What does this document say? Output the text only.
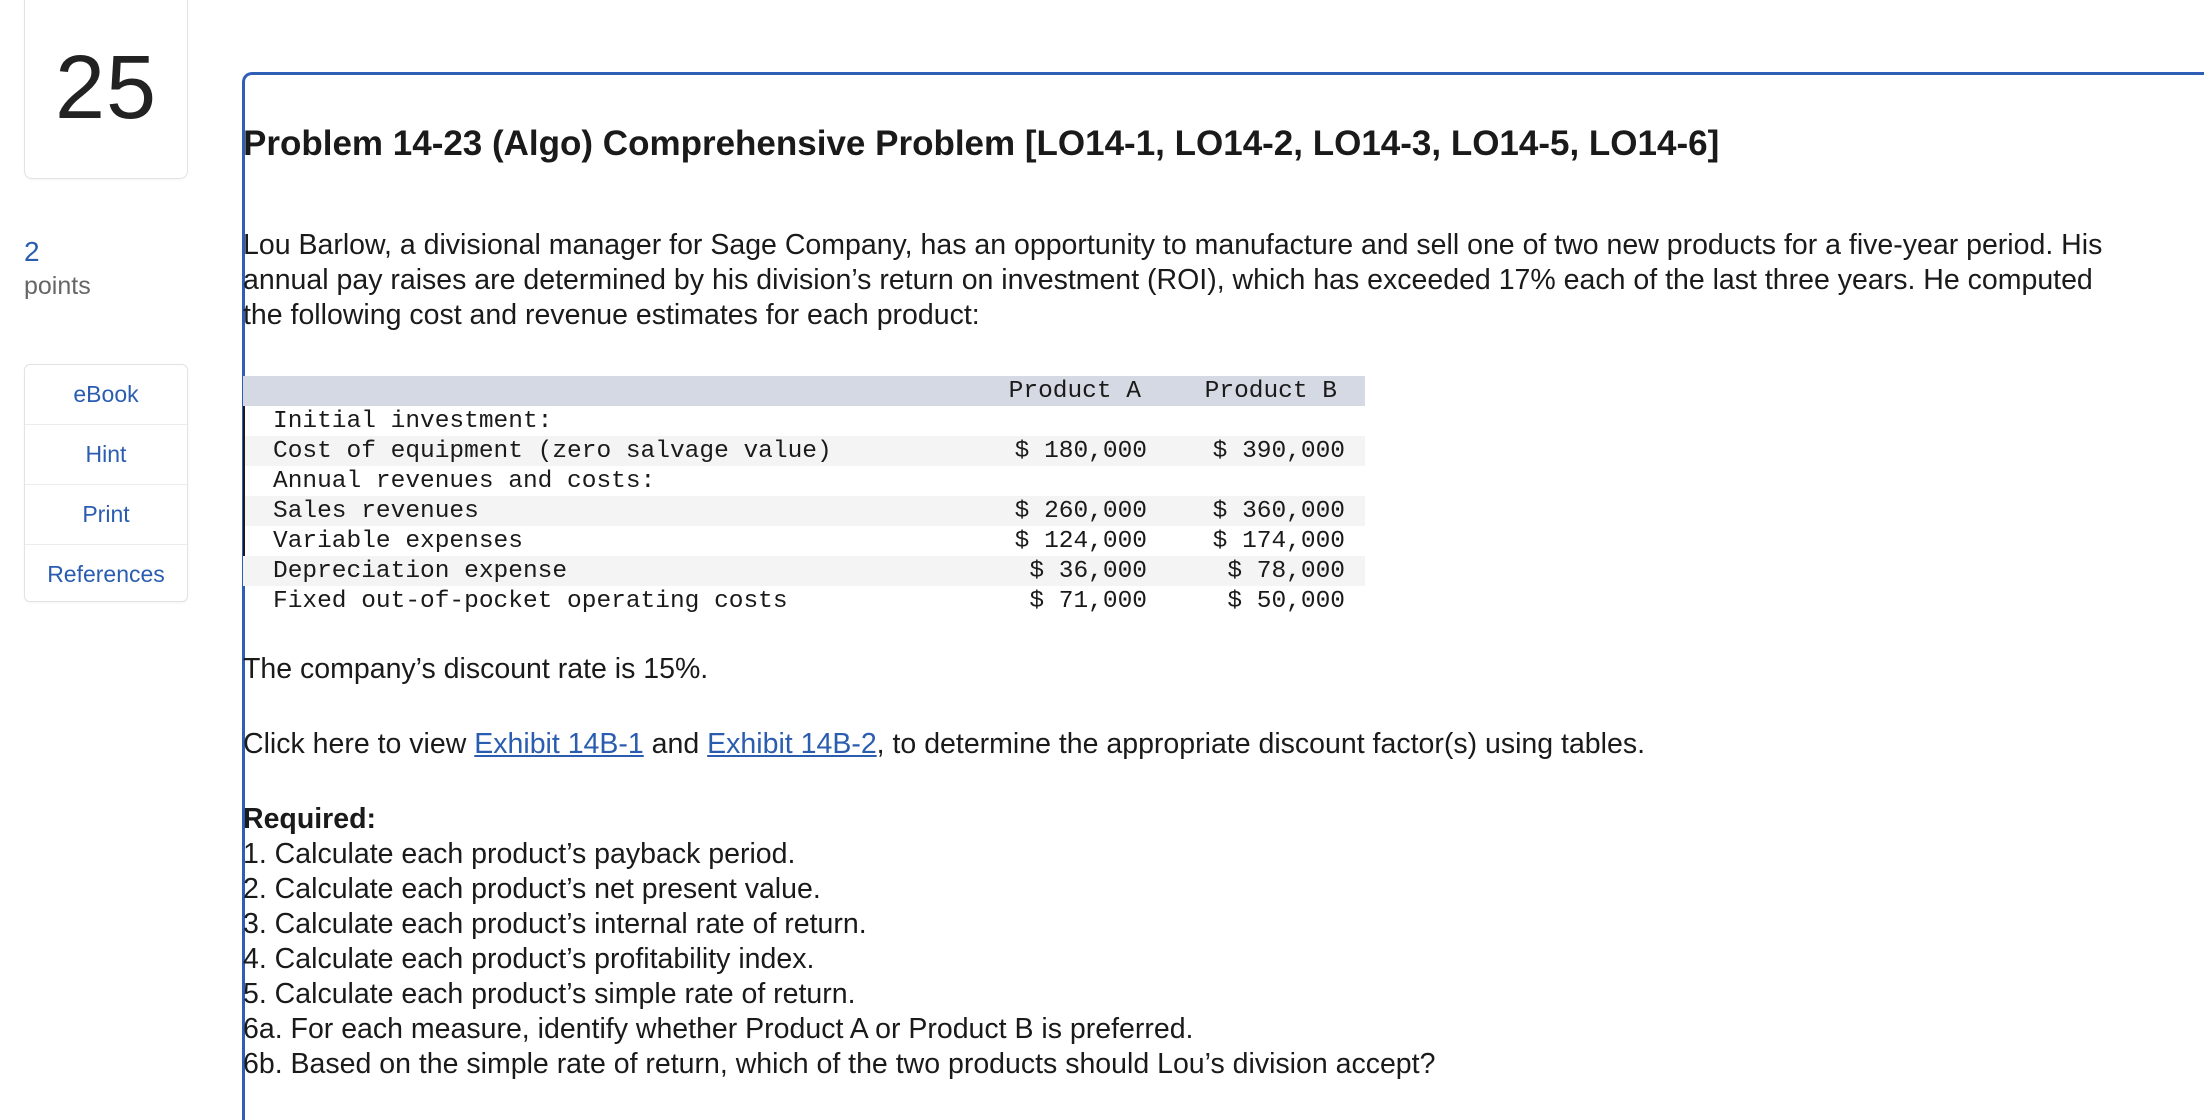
25
2
points
eBook
Hint
Print
References
Problem 14-23 (Algo) Comprehensive Problem [LO14-1, LO14-2, LO14-3, LO14-5, LO14-6]

Lou Barlow, a divisional manager for Sage Company, has an opportunity to manufacture and sell one of two new products for a five-year period. His annual pay raises are determined by his division’s return on investment (ROI), which has exceeded 17% each of the last three years. He computed the following cost and revenue estimates for each product:

Product A	Product B
Initial investment:
Cost of equipment (zero salvage value)	$ 180,000	$ 390,000
Annual revenues and costs:
Sales revenues	$ 260,000	$ 360,000
Variable expenses	$ 124,000	$ 174,000
Depreciation expense	$ 36,000	$ 78,000
Fixed out-of-pocket operating costs	$ 71,000	$ 50,000
The company’s discount rate is 15%.
Click here to view Exhibit 14B-1 and Exhibit 14B-2, to determine the appropriate discount factor(s) using tables.
Required:
1. Calculate each product’s payback period.
2. Calculate each product’s net present value.
3. Calculate each product’s internal rate of return.
4. Calculate each product’s profitability index.
5. Calculate each product’s simple rate of return.
6a. For each measure, identify whether Product A or Product B is preferred.
6b. Based on the simple rate of return, which of the two products should Lou’s division accept?
